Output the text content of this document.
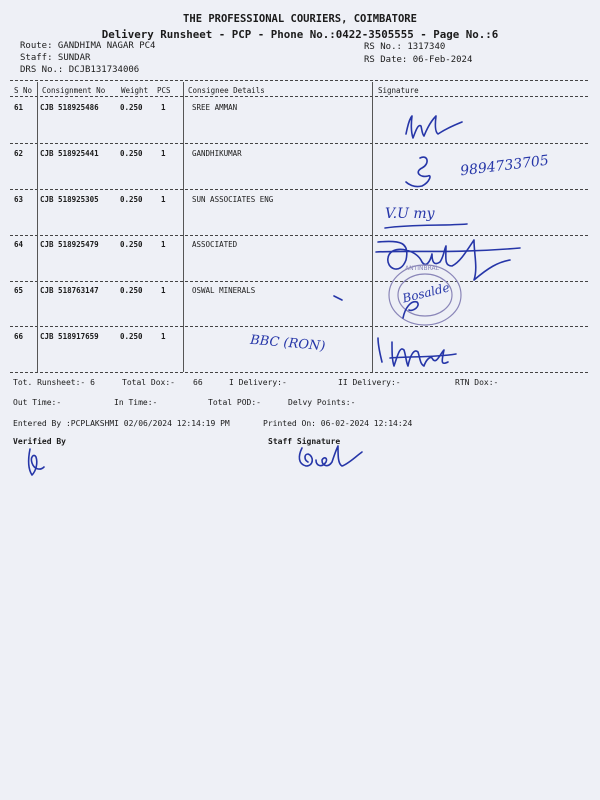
THE PROFESSIONAL COURIERS, COIMBATORE
Delivery Runsheet - PCP - Phone No.:0422-3505555 - Page No.:6
Route: GANDHIMA NAGAR PC4
Staff: SUNDAR
DRS No.: DCJB131734006
RS No.: 1317340
RS Date: 06-Feb-2024
S No Consignment No Weight PCS Consignee Details	Signature
61 CJB 518925486	0.250 1	SREE AMMAN
62 CJB 518925441	0.250 1	GANDHIKUMAR
63 CJB 518925305	0.250 1	SUN ASSOCIATES ENG
64 CJB 518925479	0.250 1	ASSOCIATED
65 CJB 518763147	0.250 1	OSWAL MINERALS
66 CJB 518917659	0.250 1
9894733705
V.U my
ANTINBRAL
Bosalde
BBC (RON)
Tot. Runsheet:- 6	Total Dox:- 66	I Delivery:-	II Delivery:-	RTN Dox:-
Out Time:-	In Time:-	Total POD:-	Delvy Points:-
Entered By :PCPLAKSHMI 02/06/2024 12:14:19 PM	Printed On: 06-02-2024 12:14:24
Verified By	Staff Signature
